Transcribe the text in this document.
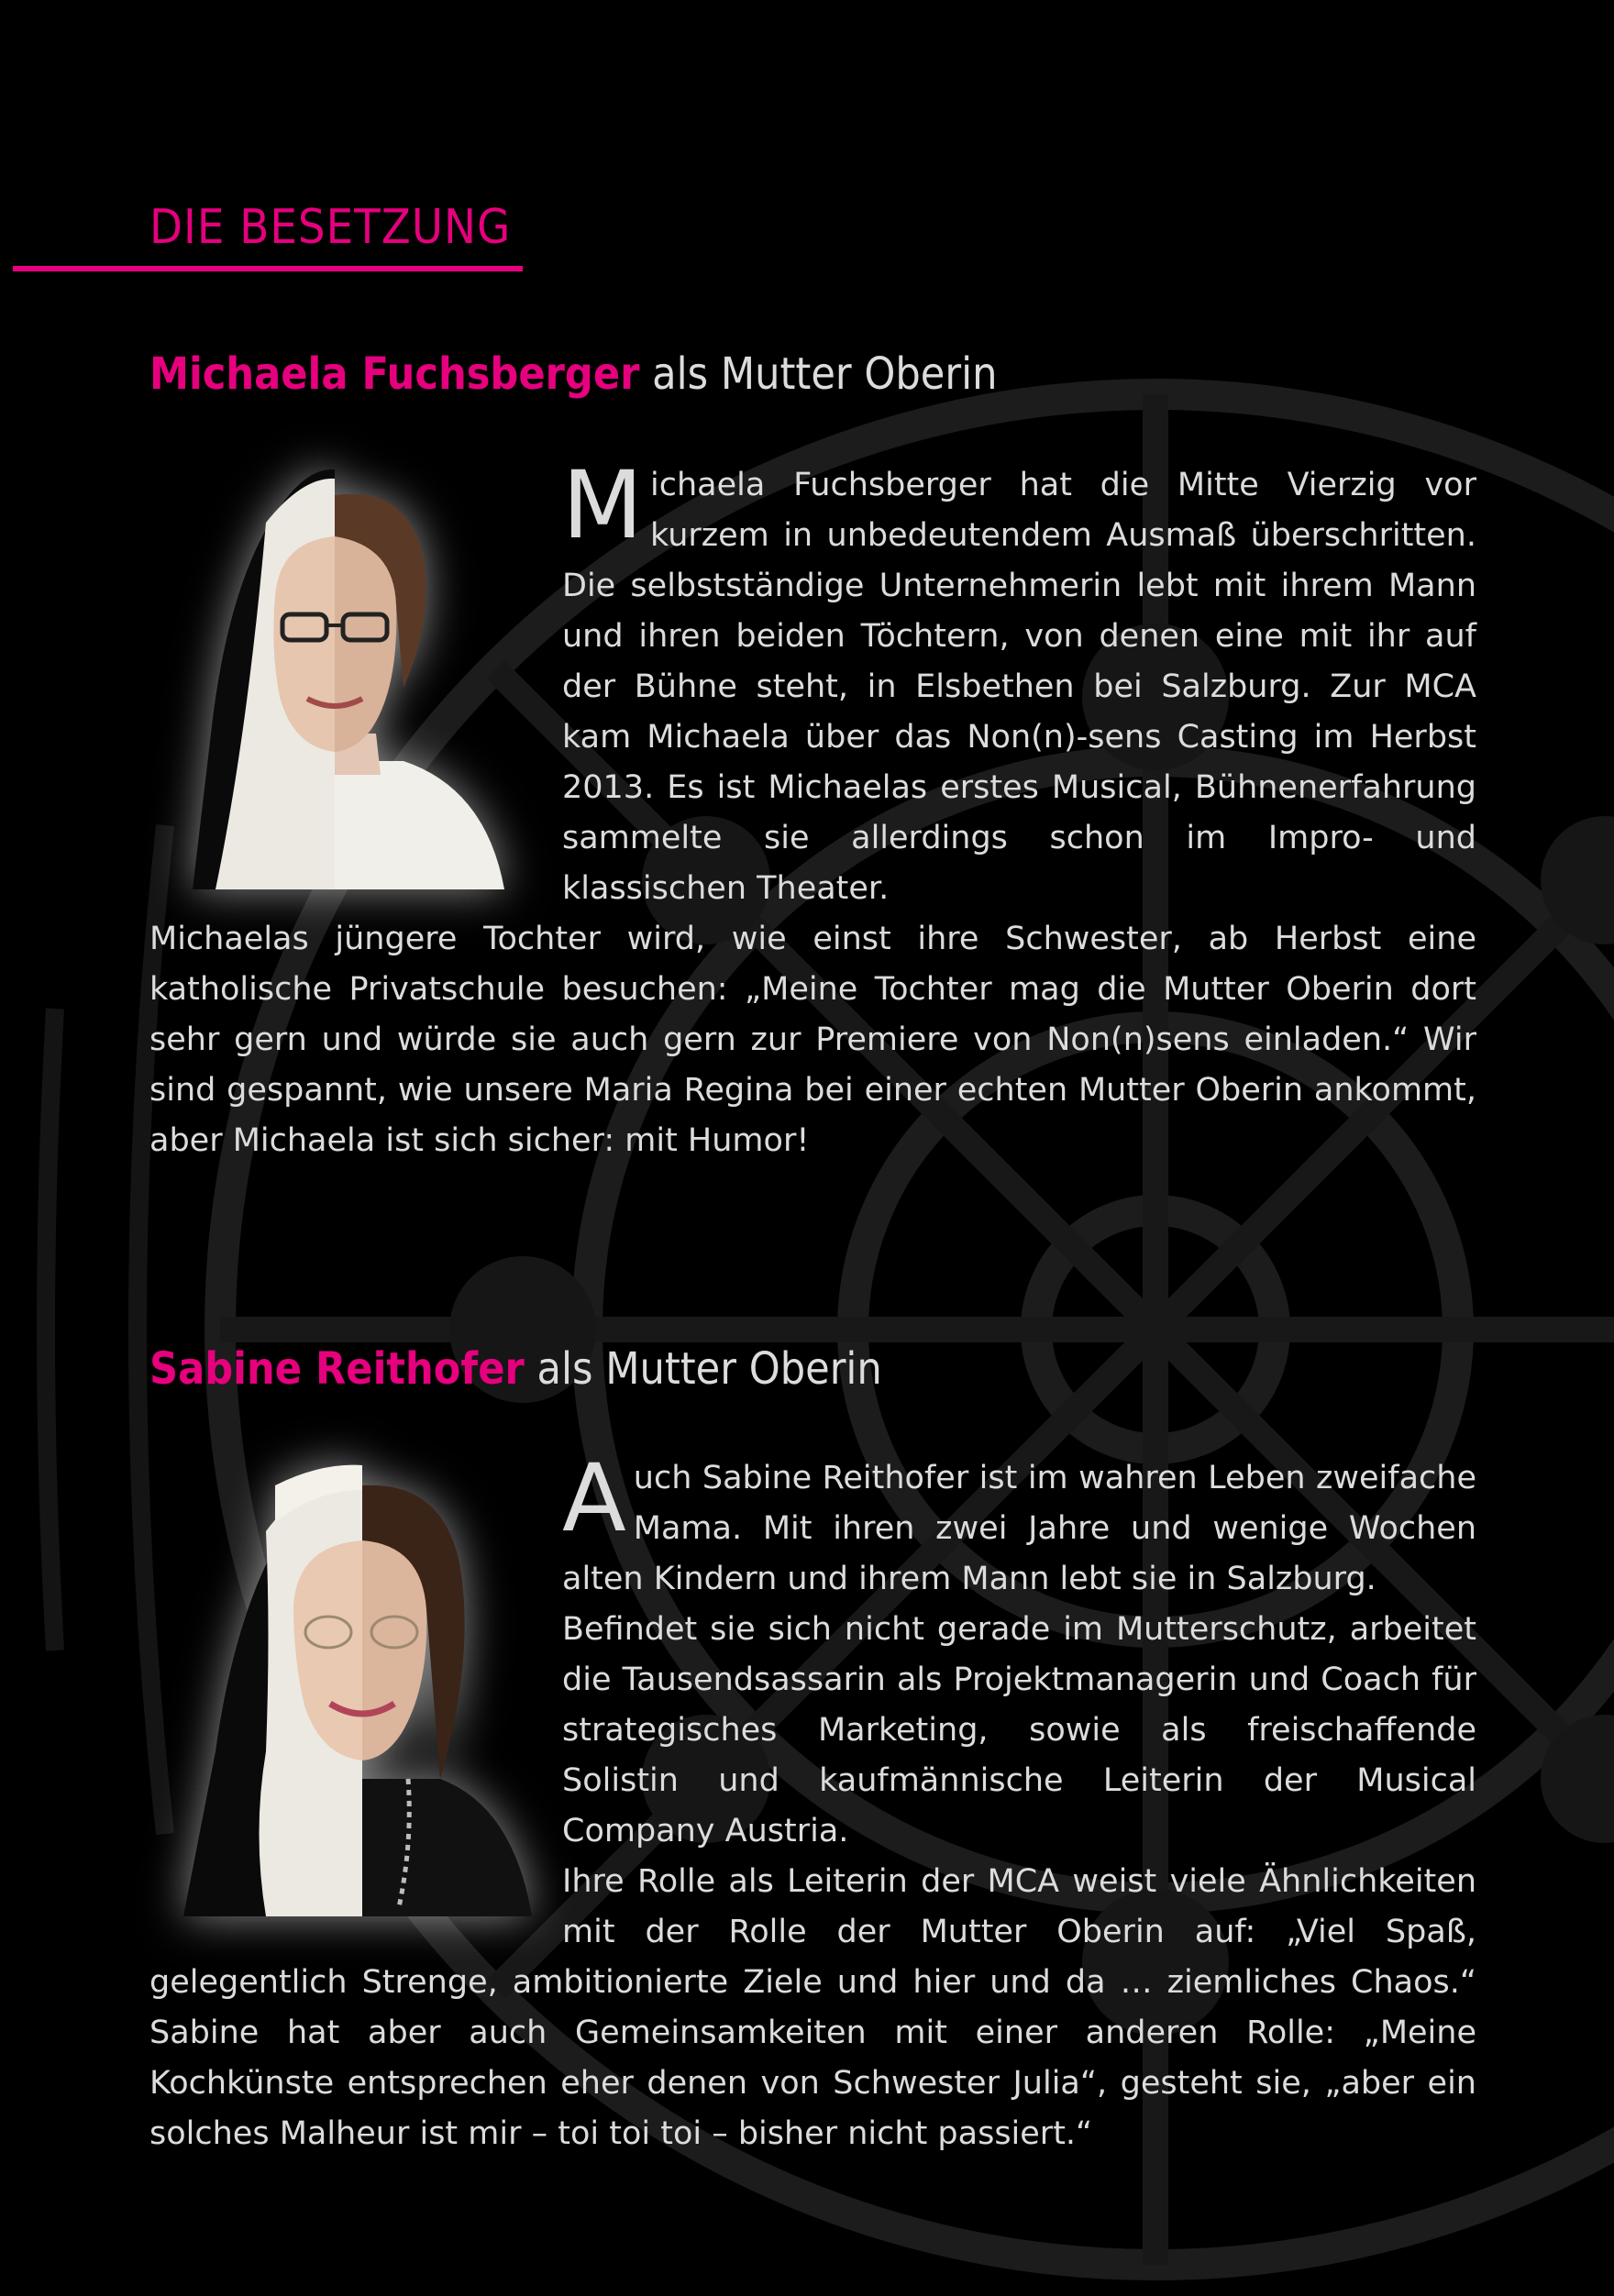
DIE BESETZUNG
Michaela Fuchsberger als Mutter Oberin
Michaela Fuchsberger hat die Mitte Vierzig vor kurzem in unbedeutendem Ausmaß überschritten. Die selbstständige Unternehmerin lebt mit ihrem Mann und ihren beiden Töchtern, von denen eine mit ihr auf der Bühne steht, in Elsbethen bei Salzburg. Zur MCA kam Michaela über das Non(n)-sens Casting im Herbst 2013. Es ist Michaelas erstes Musical, Bühnenerfahrung sammelte sie allerdings schon im Impro- und klassischen Theater.
Michaelas jüngere Tochter wird, wie einst ihre Schwester, ab Herbst eine katholische Privatschule besuchen: „Meine Tochter mag die Mutter Oberin dort sehr gern und würde sie auch gern zur Premiere von Non(n)sens einladen.“ Wir sind gespannt, wie unsere Maria Regina bei einer echten Mutter Oberin ankommt, aber Michaela ist sich sicher: mit Humor!
Sabine Reithofer als Mutter Oberin
Auch Sabine Reithofer ist im wahren Leben zweifache Mama. Mit ihren zwei Jahre und wenige Wochen alten Kindern und ihrem Mann lebt sie in Salzburg.
Befindet sie sich nicht gerade im Mutterschutz, arbeitet die Tausendsassarin als Projektmanagerin und Coach für strategisches Marketing, sowie als freischaffende Solistin und kaufmännische Leiterin der Musical Company Austria.
Ihre Rolle als Leiterin der MCA weist viele Ähnlichkeiten mit der Rolle der Mutter Oberin auf: „Viel Spaß, gelegentlich Strenge, ambitionierte Ziele und hier und da … ziemliches Chaos.“ Sabine hat aber auch Gemeinsamkeiten mit einer anderen Rolle: „Meine Kochkünste entsprechen eher denen von Schwester Julia“, gesteht sie, „aber ein solches Malheur ist mir – toi toi toi – bisher nicht passiert.“
